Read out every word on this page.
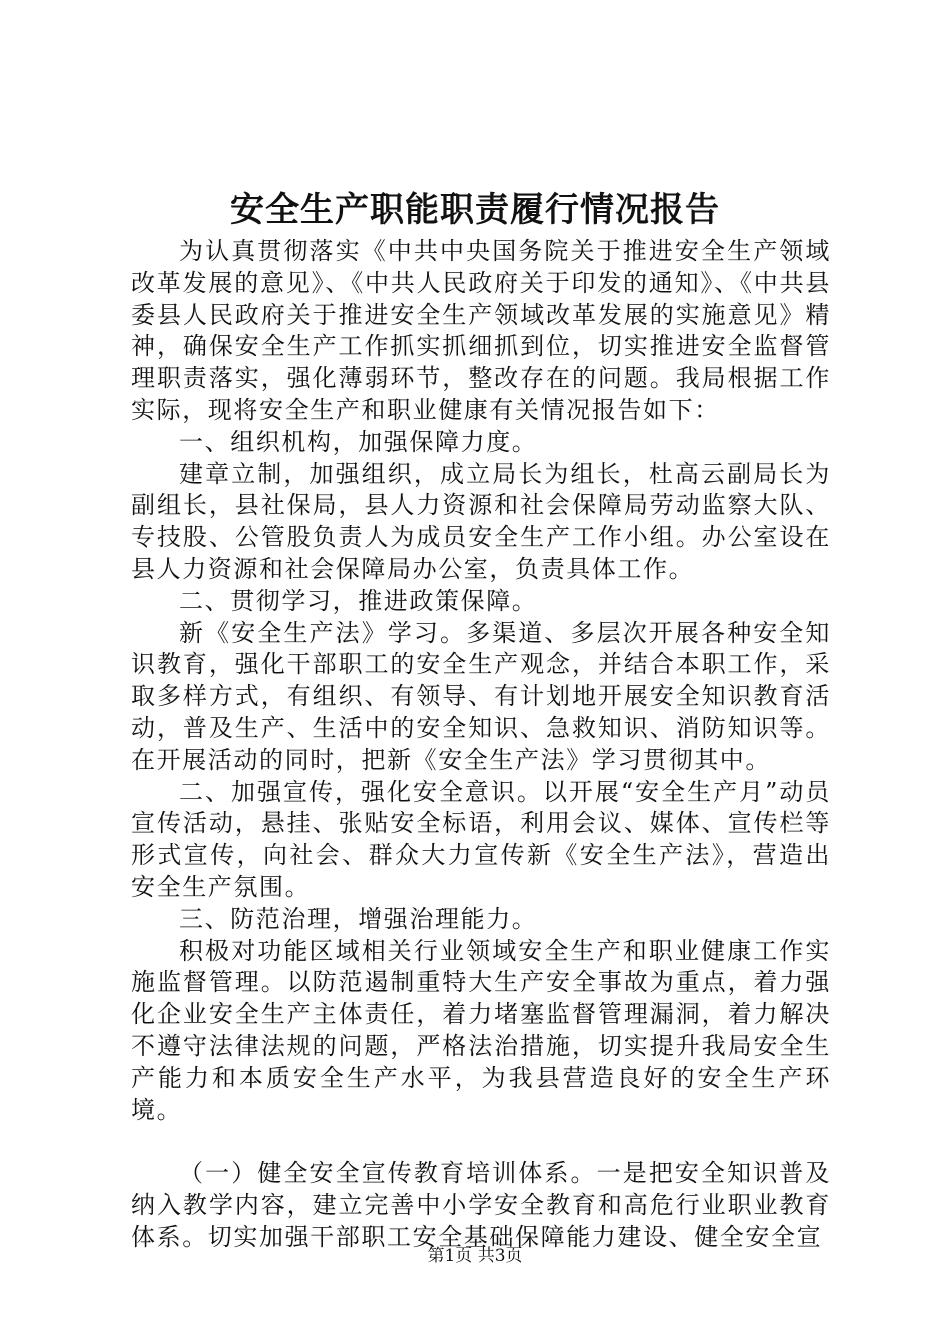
安全生产职能职责履行情况报告

为认真贯彻落实《中共中央国务院关于推进安全生产领域改革发展的意见》、《中共人民政府关于印发的通知》、《中共县委县人民政府关于推进安全生产领域改革发展的实施意见》精神，确保安全生产工作抓实抓细抓到位，切实推进安全监督管理职责落实，强化薄弱环节，整改存在的问题。我局根据工作实际，现将安全生产和职业健康有关情况报告如下：

一、组织机构，加强保障力度。

建章立制，加强组织，成立局长为组长，杜高云副局长为副组长，县社保局，县人力资源和社会保障局劳动监察大队、专技股、公管股负责人为成员安全生产工作小组。办公室设在县人力资源和社会保障局办公室，负责具体工作。

二、贯彻学习，推进政策保障。

新《安全生产法》学习。多渠道、多层次开展各种安全知识教育，强化干部职工的安全生产观念，并结合本职工作，采取多样方式，有组织、有领导、有计划地开展安全知识教育活动，普及生产、生活中的安全知识、急救知识、消防知识等。在开展活动的同时，把新《安全生产法》学习贯彻其中。

二、加强宣传，强化安全意识。以开展“安全生产月”动员宣传活动，悬挂、张贴安全标语，利用会议、媒体、宣传栏等形式宣传，向社会、群众大力宣传新《安全生产法》，营造出安全生产氛围。

三、防范治理，增强治理能力。

积极对功能区域相关行业领域安全生产和职业健康工作实施监督管理。以防范遏制重特大生产安全事故为重点，着力强化企业安全生产主体责任，着力堵塞监督管理漏洞，着力解决不遵守法律法规的问题，严格法治措施，切实提升我局安全生产能力和本质安全生产水平，为我县营造良好的安全生产环境。

（一）健全安全宣传教育培训体系。一是把安全知识普及纳入教学内容，建立完善中小学安全教育和高危行业职业教育体系。切实加强干部职工安全基础保障能力建设、健全安全宣

第1页 共3页
